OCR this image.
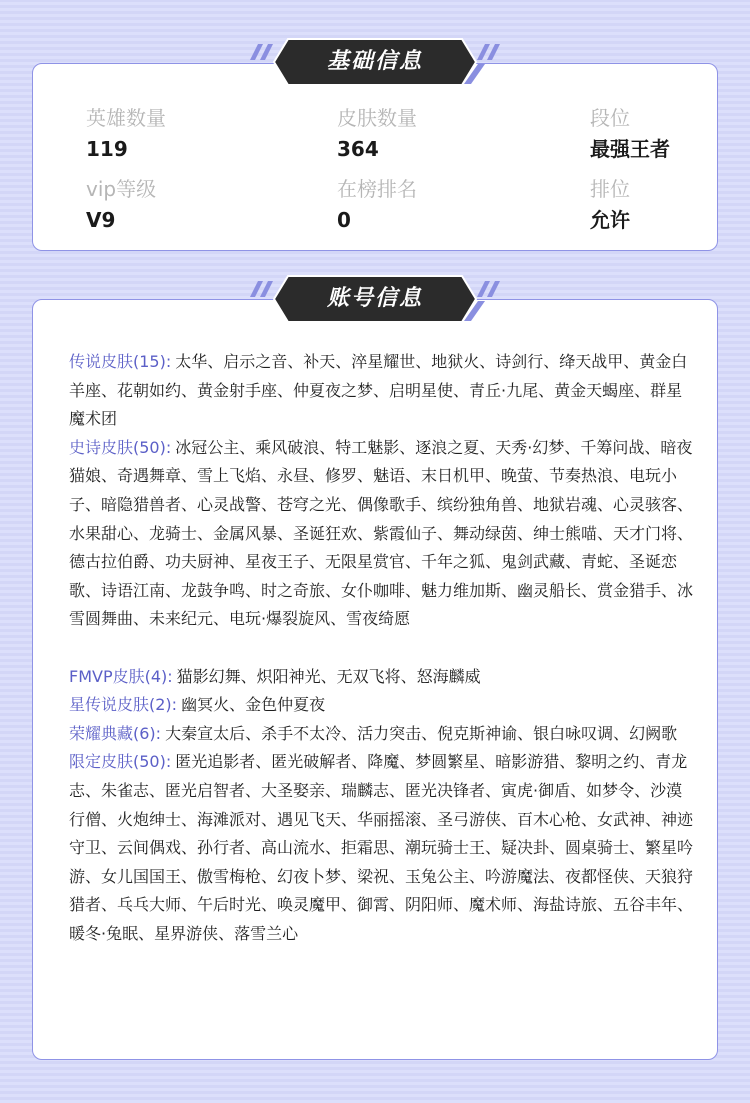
英雄数量
119
皮肤数量
364
段位
最强王者
vip等级
V9
在榜排名
0
排位
允许
传说皮肤(15): 太华、启示之音、补天、淬星耀世、地狱火、诗剑行、绛天战甲、黄金白羊座、花朝如约、黄金射手座、仲夏夜之梦、启明星使、青丘·九尾、黄金天蝎座、群星魔术团
史诗皮肤(50): 冰冠公主、乘风破浪、特工魅影、逐浪之夏、天秀·幻梦、千筹问战、暗夜猫娘、奇遇舞章、雪上飞焰、永昼、修罗、魅语、末日机甲、晚萤、节奏热浪、电玩小子、暗隐猎兽者、心灵战警、苍穹之光、偶像歌手、缤纷独角兽、地狱岩魂、心灵骇客、水果甜心、龙骑士、金属风暴、圣诞狂欢、紫霞仙子、舞动绿茵、绅士熊喵、天才门将、德古拉伯爵、功夫厨神、星夜王子、无限星赏官、千年之狐、鬼剑武藏、青蛇、圣诞恋歌、诗语江南、龙鼓争鸣、时之奇旅、女仆咖啡、魅力维加斯、幽灵船长、赏金猎手、冰雪圆舞曲、未来纪元、电玩·爆裂旋风、雪夜绮愿
FMVP皮肤(4): 猫影幻舞、炽阳神光、无双飞将、怒海麟威
星传说皮肤(2): 幽冥火、金色仲夏夜
荣耀典藏(6): 大秦宣太后、杀手不太冷、活力突击、倪克斯神谕、银白咏叹调、幻阙歌
限定皮肤(50): 匿光追影者、匿光破解者、降魔、梦圆繁星、暗影游猎、黎明之约、青龙志、朱雀志、匿光启智者、大圣娶亲、瑞麟志、匿光决锋者、寅虎·御盾、如梦令、沙漠行僧、火炮绅士、海滩派对、遇见飞天、华丽摇滚、圣弓游侠、百木心枪、女武神、神迹守卫、云间偶戏、孙行者、高山流水、拒霜思、潮玩骑士王、疑决卦、圆桌骑士、繁星吟游、女儿国国王、傲雪梅枪、幻夜卜梦、梁祝、玉兔公主、吟游魔法、夜都怪侠、天狼狩猎者、乓乓大师、午后时光、唤灵魔甲、御霄、阴阳师、魔术师、海盐诗旅、五谷丰年、暖冬·兔眠、星界游侠、落雪兰心
基础信息
账号信息
